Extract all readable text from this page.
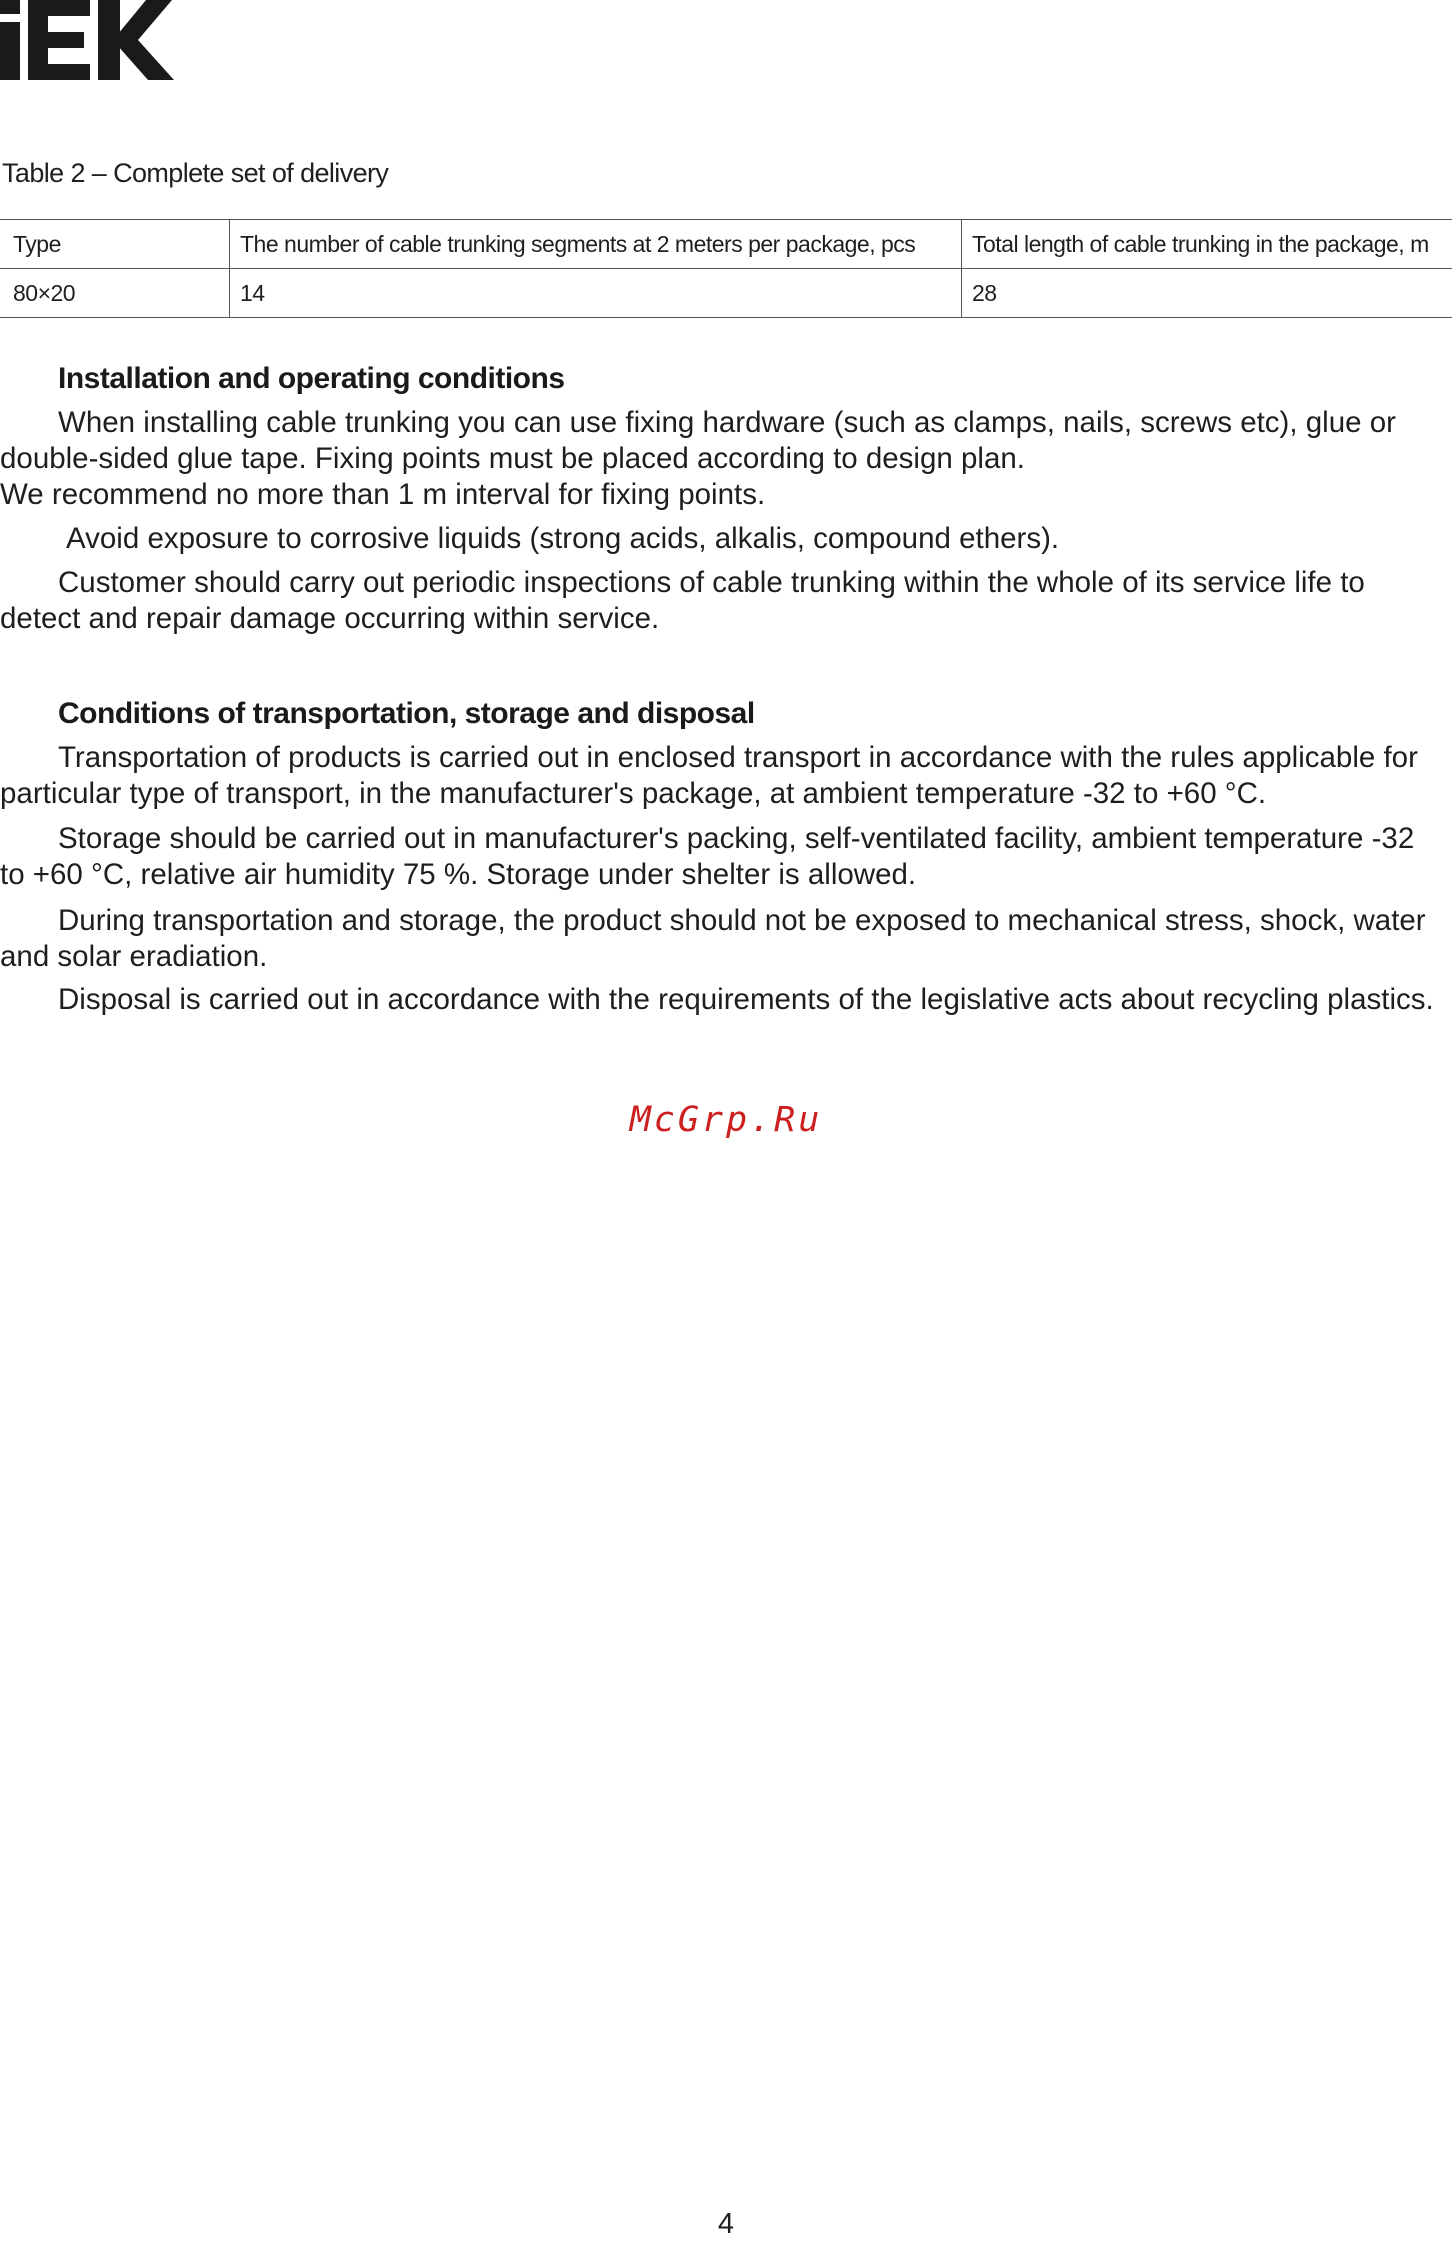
Table 2 – Complete set of delivery
Type	The number of cable trunking segments at 2 meters per package, pcs	Total length of cable trunking in the package, m
80×20	14	28
Installation and operating conditions

When installing cable trunking you can use fixing hardware (such as clamps, nails, screws etc), glue or double-sided glue tape. Fixing points must be placed according to design plan.

We recommend no more than 1 m interval for fixing points.

Avoid exposure to corrosive liquids (strong acids, alkalis, compound ethers).

Customer should carry out periodic inspections of cable trunking within the whole of its service life to detect and repair damage occurring within service.

Conditions of transportation, storage and disposal

Transportation of products is carried out in enclosed transport in accordance with the rules applicable for particular type of transport, in the manufacturer's package, at ambient temperature -32 to +60 °C.

Storage should be carried out in manufacturer's packing, self-ventilated facility, ambient temperature -32 to +60 °C, relative air humidity 75 %. Storage under shelter is allowed.

During transportation and storage, the product should not be exposed to mechanical stress, shock, water and solar eradiation.

Disposal is carried out in accordance with the requirements of the legislative acts about recycling plastics.

McGrp.Ru
4
